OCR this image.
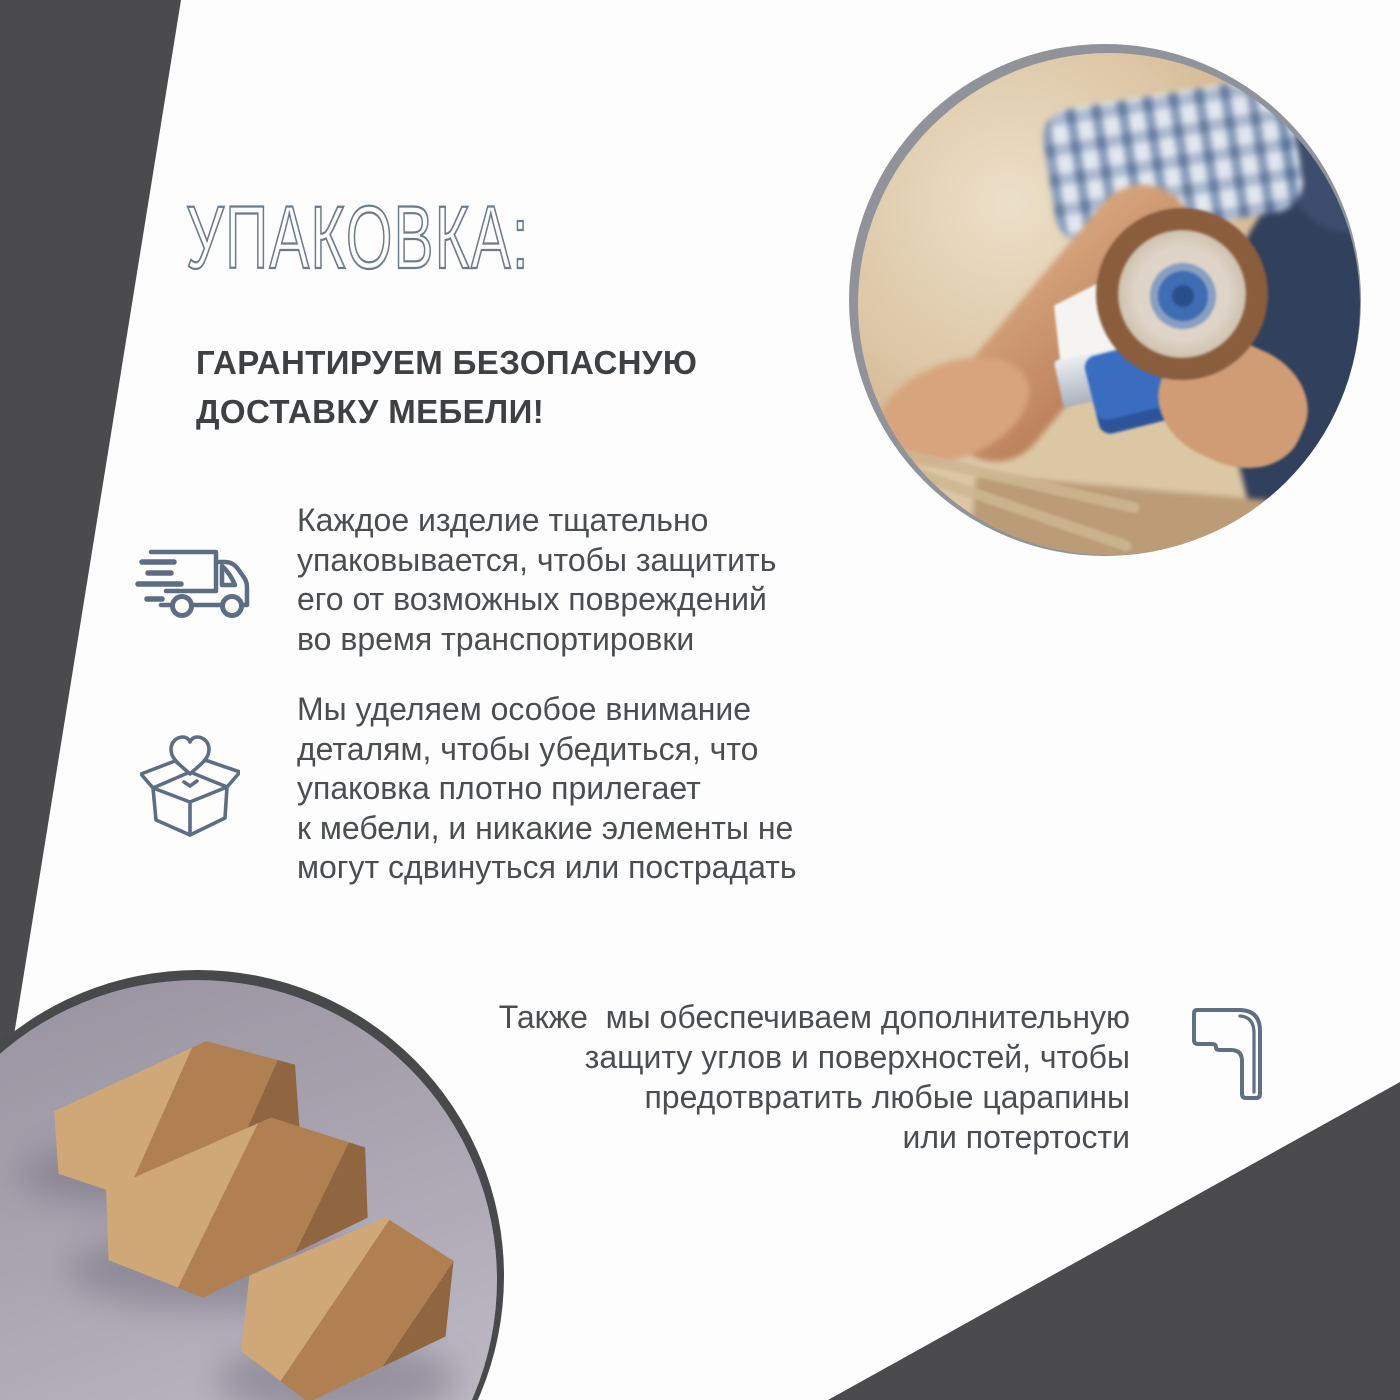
УПАКОВКА:
ГАРАНТИРУЕМ БЕЗОПАСНУЮ
ДОСТАВКУ МЕБЕЛИ!
Каждое изделие тщательно
упаковывается, чтобы защитить
его от возможных повреждений
во время транспортировки
Мы уделяем особое внимание
деталям, чтобы убедиться, что
упаковка плотно прилегает
к мебели, и никакие элементы не
могут сдвинуться или пострадать
Также  мы обеспечиваем дополнительную
защиту углов и поверхностей, чтобы
предотвратить любые царапины
или потертости
